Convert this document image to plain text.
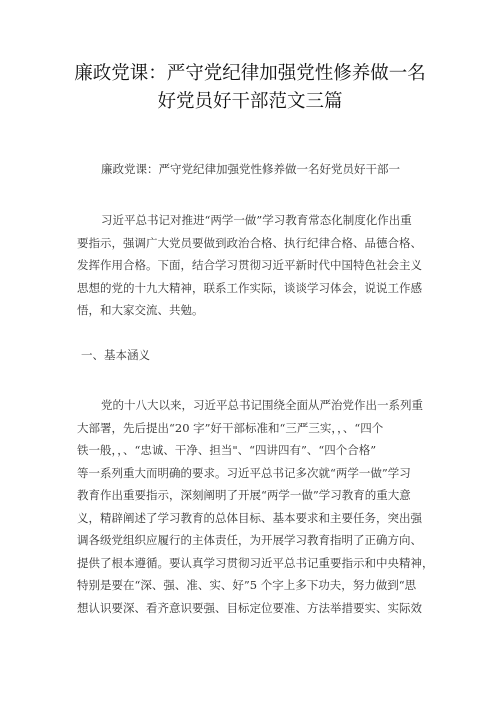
廉政党课：严守党纪律加强党性修养做一名
好党员好干部范文三篇
廉政党课：严守党纪律加强党性修养做一名好党员好干部一
习近平总书记对推进“两学一做”学习教育常态化制度化作出重
要指示，强调广大党员要做到政治合格、执行纪律合格、品德合格、
发挥作用合格。下面，结合学习贯彻习近平新时代中国特色社会主义
思想的党的十九大精神，联系工作实际，谈谈学习体会，说说工作感
悟，和大家交流、共勉。
一、基本涵义
党的十八大以来，习近平总书记围绕全面从严治党作出一系列重
大部署，先后提出“20 字”好干部标准和“三严三实，，、“四个
铁一般，，、“忠诚、干净、担当"、“四讲四有”、“四个合格”
等一系列重大而明确的要求。习近平总书记多次就“两学一做”学习
教育作出重要指示，深刻阐明了开展“两学一做”学习教育的重大意
义，精辟阐述了学习教育的总体目标、基本要求和主要任务，突出强
调各级党组织应履行的主体责任，为开展学习教育指明了正确方向、
提供了根本遵循。要认真学习贯彻习近平总书记重要指示和中央精神，
特别是要在“深、强、准、实、好”5 个字上多下功夫，努力做到“思
想认识要深、看齐意识要强、目标定位要准、方法举措要实、实际效
